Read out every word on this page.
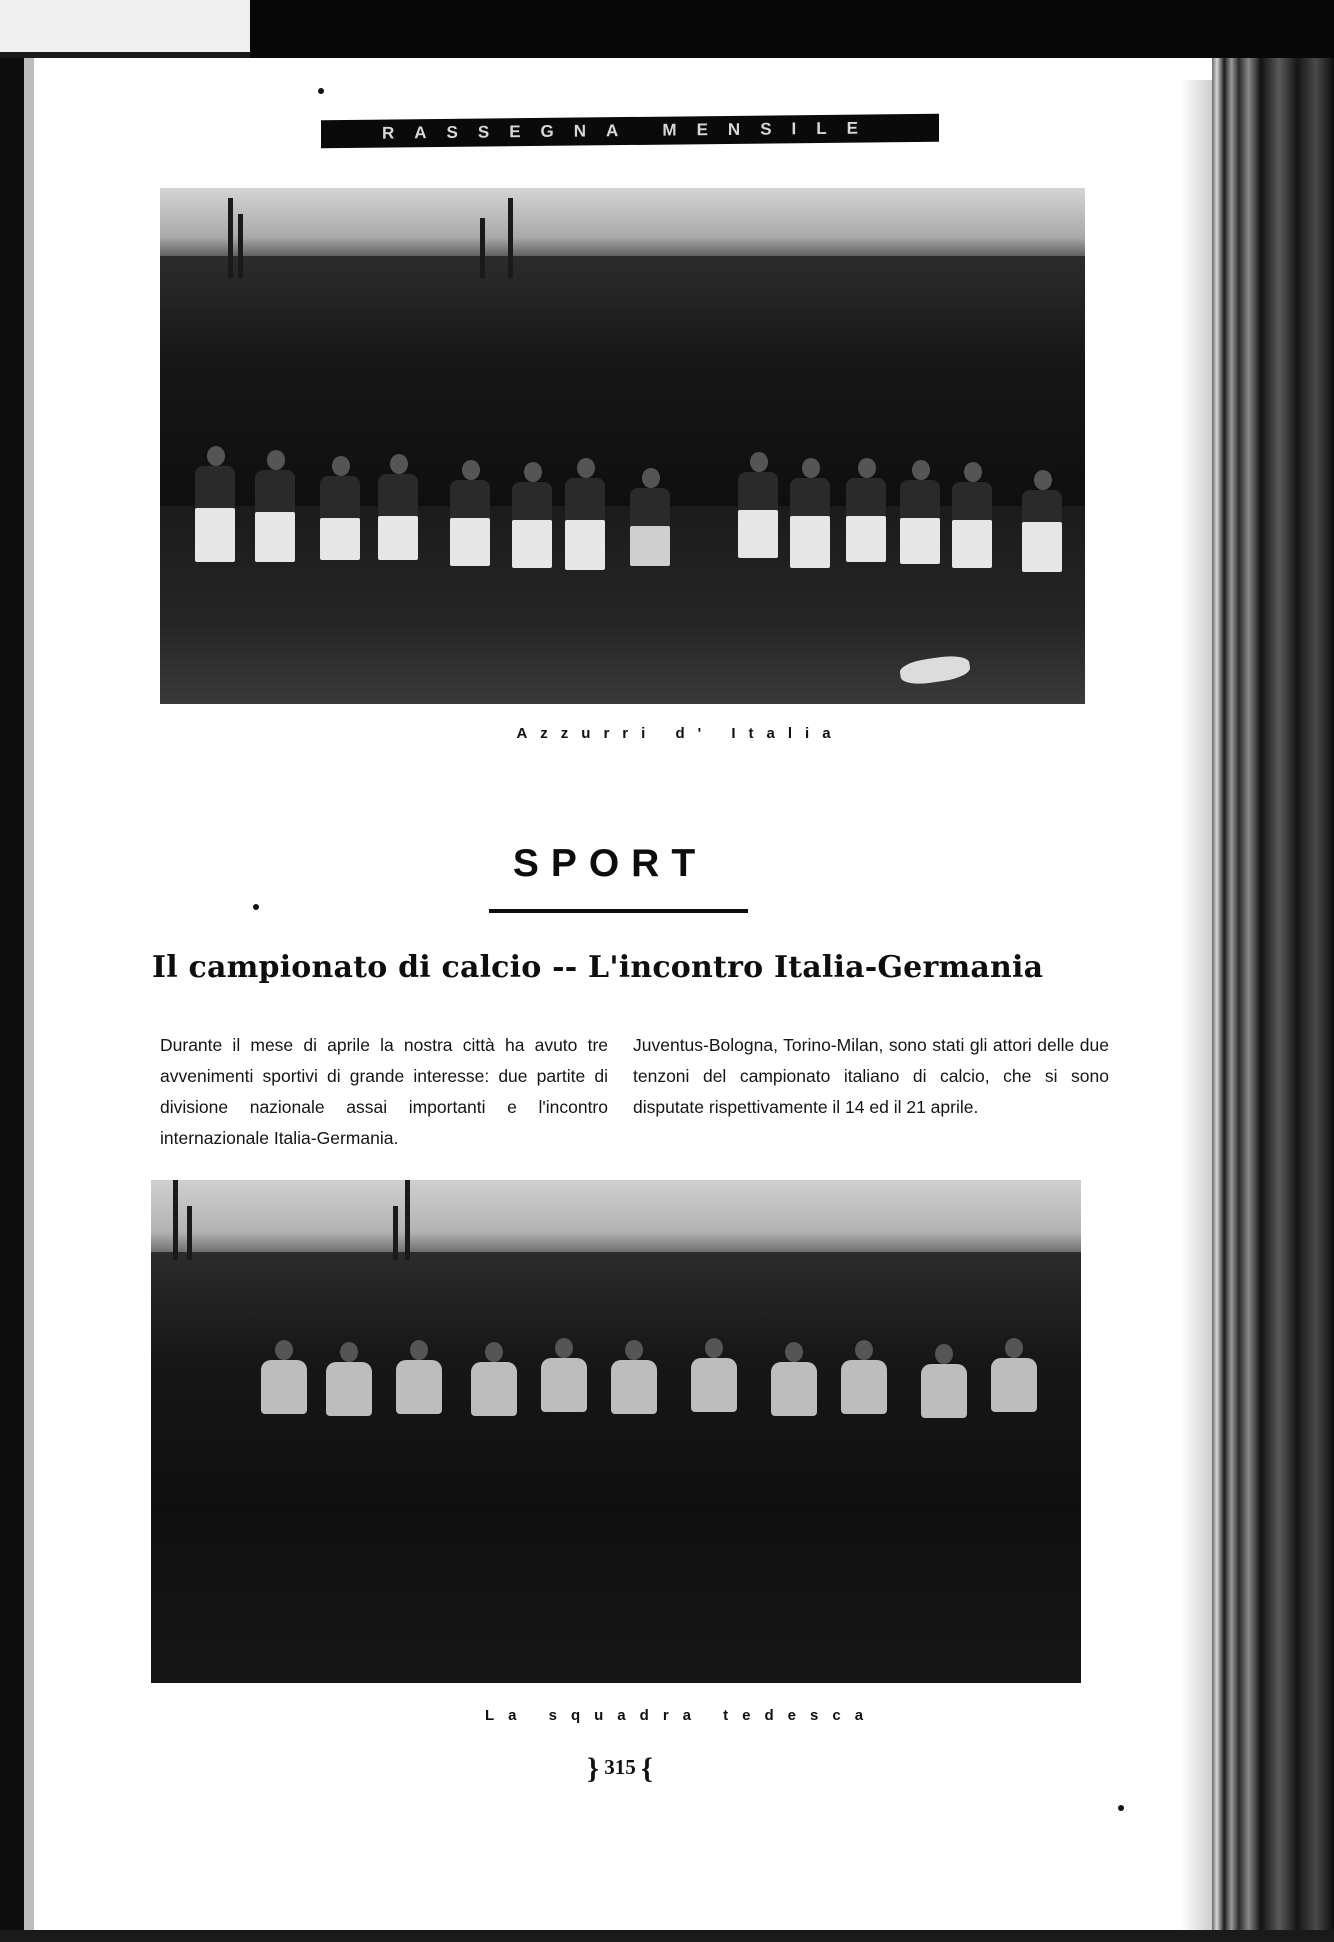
RASSEGNA MENSILE
Azzurri d' Italia
SPORT
Il campionato di calcio -- L'incontro Italia-Germania
Durante il mese di aprile la nostra città ha avuto tre avvenimenti sportivi di grande interesse: due partite di divisione nazionale assai importanti e l'incontro internazionale Italia-Germania.
Juventus-Bologna, Torino-Milan, sono stati gli attori delle due tenzoni del campionato italiano di calcio, che si sono disputate rispettivamente il 14 ed il 21 aprile.
La squadra tedesca
} 315 {
